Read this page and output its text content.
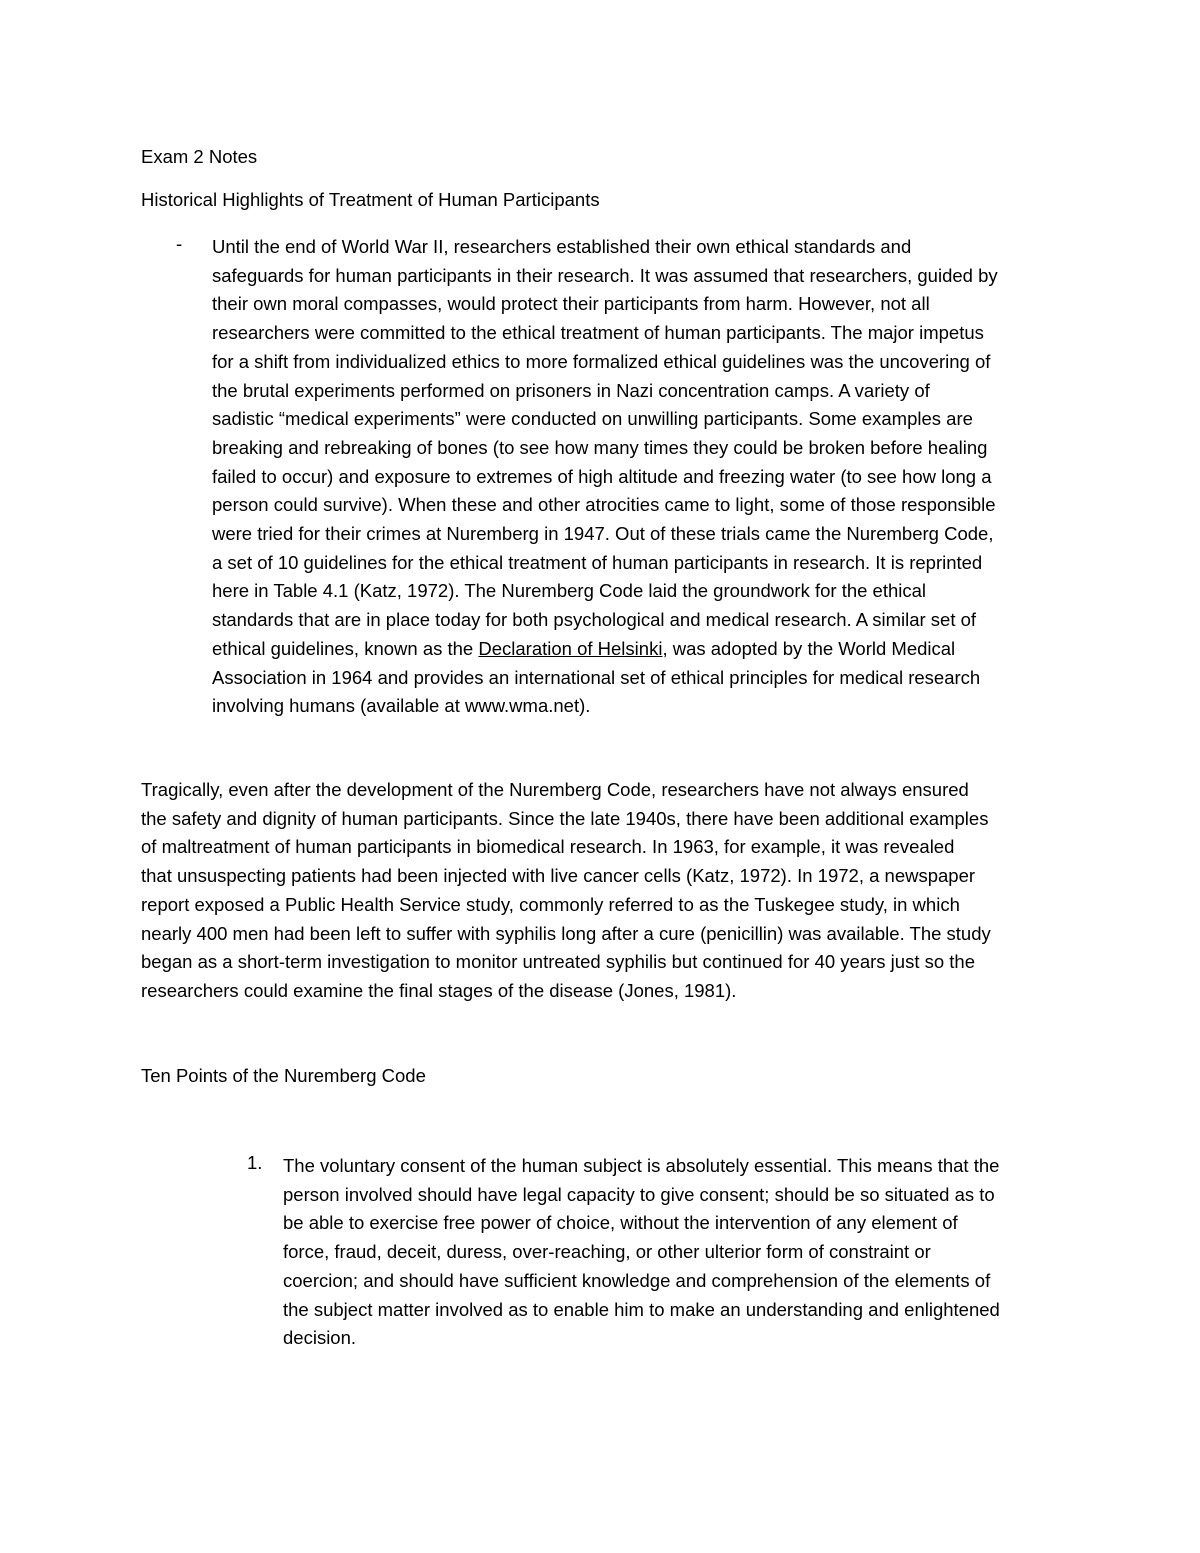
Exam 2 Notes
Historical Highlights of Treatment of Human Participants
- Until the end of World War II, researchers established their own ethical standards and

safeguards for human participants in their research. It was assumed that researchers, guided by

their own moral compasses, would protect their participants from harm. However, not all

researchers were committed to the ethical treatment of human participants. The major impetus

for a shift from individualized ethics to more formalized ethical guidelines was the uncovering of

the brutal experiments performed on prisoners in Nazi concentration camps. A variety of

sadistic “medical experiments” were conducted on unwilling participants. Some examples are

breaking and rebreaking of bones (to see how many times they could be broken before healing

failed to occur) and exposure to extremes of high altitude and freezing water (to see how long a

person could survive). When these and other atrocities came to light, some of those responsible

were tried for their crimes at Nuremberg in 1947. Out of these trials came the Nuremberg Code,

a set of 10 guidelines for the ethical treatment of human participants in research. It is reprinted

here in Table 4.1 (Katz, 1972). The Nuremberg Code laid the groundwork for the ethical

standards that are in place today for both psychological and medical research. A similar set of

ethical guidelines, known as the Declaration of Helsinki, was adopted by the World Medical

Association in 1964 and provides an international set of ethical principles for medical research

involving humans (available at www.wma.net).

Tragically, even after the development of the Nuremberg Code, researchers have not always ensured

the safety and dignity of human participants. Since the late 1940s, there have been additional examples

of maltreatment of human participants in biomedical research. In 1963, for example, it was revealed

that unsuspecting patients had been injected with live cancer cells (Katz, 1972). In 1972, a newspaper

report exposed a Public Health Service study, commonly referred to as the Tuskegee study, in which

nearly 400 men had been left to suffer with syphilis long after a cure (penicillin) was available. The study

began as a short-term investigation to monitor untreated syphilis but continued for 40 years just so the

researchers could examine the final stages of the disease (Jones, 1981).

Ten Points of the Nuremberg Code
1. The voluntary consent of the human subject is absolutely essential. This means that the

person involved should have legal capacity to give consent; should be so situated as to

be able to exercise free power of choice, without the intervention of any element of

force, fraud, deceit, duress, over-reaching, or other ulterior form of constraint or

coercion; and should have sufficient knowledge and comprehension of the elements of

the subject matter involved as to enable him to make an understanding and enlightened

decision.
